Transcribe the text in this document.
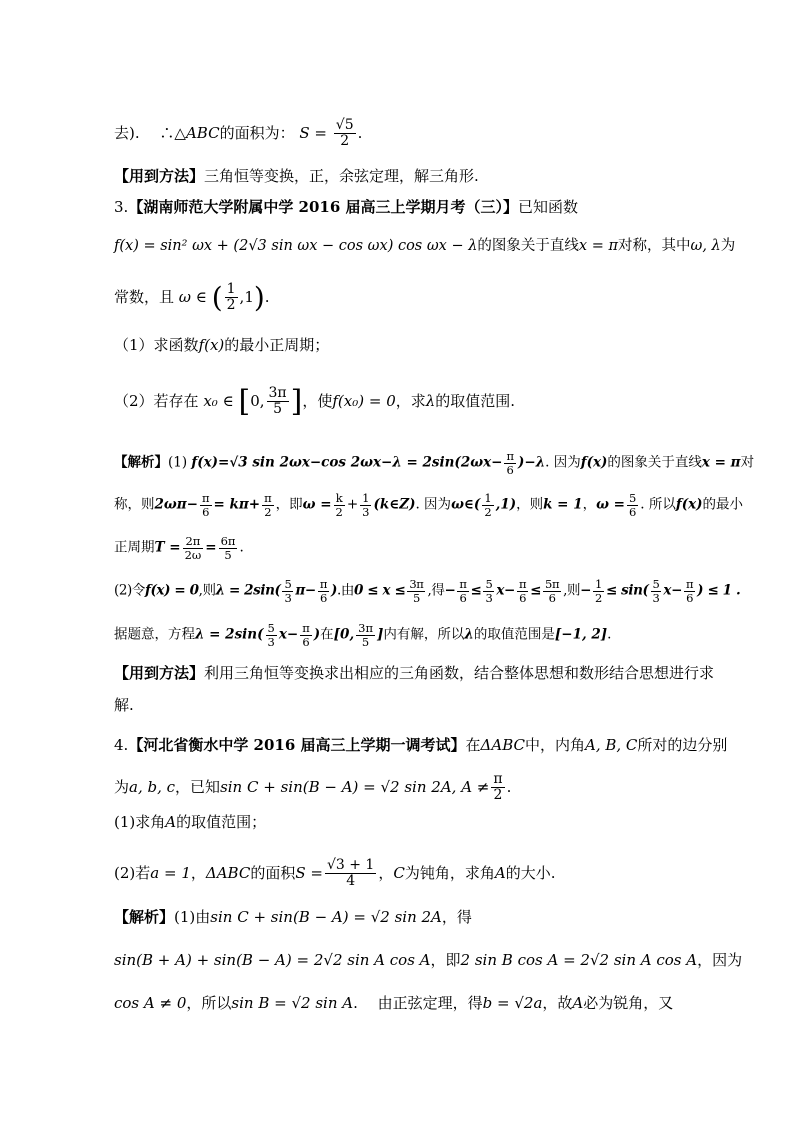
去).　 ∴△ABC的面积为： $S = \frac{√5}{2}$ .
【用到方法】三角恒等变换，正，余弦定理，解三角形.
3.【湖南师范大学附属中学 2016 届高三上学期月考（三）】已知函数
f(x) = sin² ωx + (2√3 sin ωx − cos ωx) cos ωx − λ的图象关于直线x = π对称，其中ω, λ为
常数，且 ω ∈ ( $\frac{1}{2} ,1$).
（1）求函数f(x)的最小正周期；
（2）若存在 x₀ ∈ [0, $\frac{3\pi}{5}$ ]，使f(x₀) = 0，求λ的取值范围.
【解析】(1) f(x)=√3 sin 2ωx−cos $2\omega x-\lambda = 2\sin(2\omega x- \frac{\pi}{6} )-\lambda$. 因为f(x)的图象关于直线x = π对
称，则$2\omega\pi- \frac{\pi}{6} = k\pi+ \frac{\pi}{2}$ ，即$\omega = \frac{k}{2} + \frac{1}{3}$ (k∈Z). 因为ω∈( $\frac{1}{2} ,1$)，则k = 1，$\omega = \frac{5}{6}$ . 所以f(x)的最小
正周期$T = \frac{2\pi}{2\omega} = \frac{6\pi}{5}$ .
(2)令f(x) = 0,则$\lambda = 2\sin( \frac{5}{3} \pi- \frac{\pi}{6}$ ).由$0 \le x \le \frac{3\pi}{5}$ ,得− $\frac{\pi}{6} \le \frac{5}{3} x- \frac{\pi}{6} \le \frac{5\pi}{6}$ ,则− $\frac{1}{2} \le \sin( \frac{5}{3} x- \frac{\pi}{6}$ ) ≤ 1 .
据题意，方程$\lambda = 2\sin( \frac{5}{3} x- \frac{\pi}{6}$ )在[0, $\frac{3\pi}{5}$ ]内有解，所以λ的取值范围是[−1, 2].
【用到方法】利用三角恒等变换求出相应的三角函数，结合整体思想和数形结合思想进行求
解.
4.【河北省衡水中学 2016 届高三上学期一调考试】在ΔABC中，内角A, B, C所对的边分别
为a, b, c，已知sin C + sin(B − A) = √2 sin 2A, $A \ne \frac{\pi}{2}$ .
(1)求角A的取值范围；
(2)若a = 1，ΔABC的面积$S = \frac{√3 + 1}{4}$ ，C为钝角，求角A的大小.
【解析】(1)由sin C + sin(B − A) = √2 sin 2A，得
sin(B + A) + sin(B − A) = 2√2 sin A cos A，即2 sin B cos A = 2√2 sin A cos A，因为
cos A ≠ 0，所以sin B = √2 sin A.　 由正弦定理，得b = √2a，故A必为锐角，又
